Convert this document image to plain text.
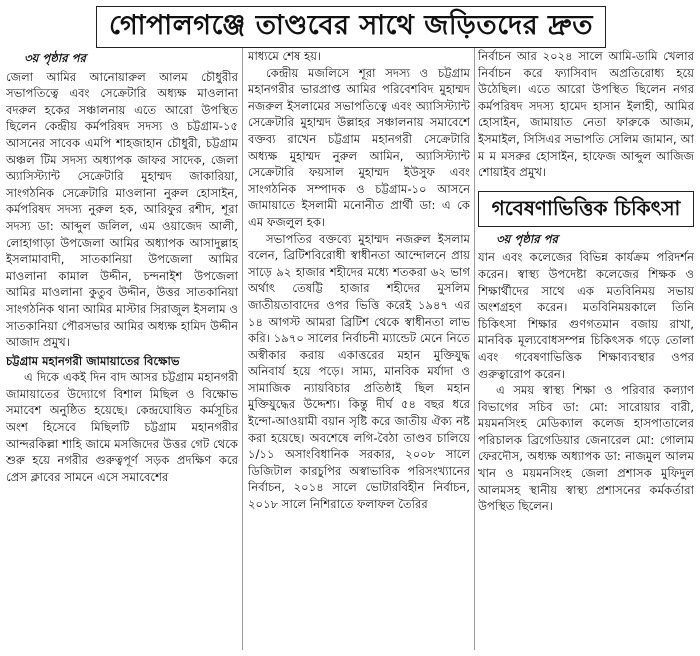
গোপালগঞ্জে তাণ্ডবের সাথে জড়িতদের দ্রুত
৩য় পৃষ্ঠার পর

জেলা আমির আনোয়ারুল আলম চৌধুরীর সভাপতিত্বে এবং সেক্রেটারি অধ্যক্ষ মাওলানা বদরুল হকের সঞ্চালনায় এতে আরো উপস্থিত ছিলেন কেন্দ্রীয় কর্মপরিষদ সদস্য ও চট্টগ্রাম-১৫ আসনের সাবেক এমপি শাহজাহান চৌধুরী, চট্টগ্রাম অঞ্চল টিম সদস্য অধ্যাপক জাফর সাদেক, জেলা অ্যাসিস্ট্যান্ট সেক্রেটারি মুহাম্মদ জাকারিয়া, সাংগঠনিক সেক্রেটারি মাওলানা নুরুল হোসাইন, কর্মপরিষদ সদস্য নুরুল হক, আরিফুর রশীদ, শূরা সদস্য ডা: আব্দুল জলিল, এম ওয়াজেদ আলী, লোহাগাড়া উপজেলা আমির অধ্যাপক আসাদুল্লাহ ইসলামাবাদী, সাতকানিয়া উপজেলা আমির মাওলানা কামাল উদ্দীন, চন্দনাইশ উপজেলা আমির মাওলানা কুতুব উদ্দীন, উত্তর সাতকানিয়া সাংগঠনিক থানা আমির মাস্টার সিরাজুল ইসলাম ও সাতকানিয়া পৌরসভার আমির অধ্যক্ষ হামিদ উদ্দীন আজাদ প্রমুখ।

চট্টগ্রাম মহানগরী জামায়াতের বিক্ষোভ

এ দিকে একই দিন বাদ আসর চট্টগ্রাম মহানগরী জামায়াতের উদ্যোগে বিশাল মিছিল ও বিক্ষোভ সমাবেশ অনুষ্ঠিত হয়েছে। কেন্দ্রঘোষিত কর্মসূচির অংশ হিসেবে মিছিলটি চট্টগ্রাম মহানগরীর আন্দরকিল্লা শাহি জামে মসজিদের উত্তর গেট থেকে শুরু হয়ে নগরীর গুরুত্বপূর্ণ সড়ক প্রদক্ষিণ করে প্রেস ক্লাবের সামনে এসে সমাবেশের

মাধ্যমে শেষ হয়।

কেন্দ্রীয় মজলিসে শূরা সদস্য ও চট্টগ্রাম মহানগরীর ভারপ্রাপ্ত আমির পরিবেশবিদ মুহাম্মদ নজরুল ইসলামের সভাপতিত্বে এবং অ্যাসিস্ট্যান্ট সেক্রেটারি মুহাম্মদ উল্লাহর সঞ্চালনায় সমাবেশে বক্তব্য রাখেন চট্টগ্রাম মহানগরী সেক্রেটারি অধ্যক্ষ মুহাম্মদ নুরুল আমিন, অ্যাসিস্ট্যান্ট সেক্রেটারি ফয়সাল মুহাম্মদ ইউসুফ এবং সাংগঠনিক সম্পাদক ও চট্টগ্রাম-১০ আসনে জামায়াতে ইসলামী মনোনীত প্রার্থী ডা: এ কে এম ফজলুল হক।

সভাপতির বক্তব্যে মুহাম্মদ নজরুল ইসলাম বলেন, ব্রিটিশবিরোধী স্বাধীনতা আন্দোলনে প্রায় সাড়ে ৯২ হাজার শহীদের মধ্যে শতকরা ৬২ ভাগ অর্থাৎ তেষট্টি হাজার শহীদের মুসলিম জাতীয়তাবাদের ওপর ভিত্তি করেই ১৯৪৭ এর ১৪ আগস্ট আমরা ব্রিটিশ থেকে স্বাধীনতা লাভ করি। ১৯৭০ সালের নির্বাচনী ম্যান্ডেট মেনে নিতে অস্বীকার করায় একাত্তরের মহান মুক্তিযুদ্ধ অনিবার্য হয়ে পড়ে। সাম্য, মানবিক মর্যাদা ও সামাজিক ন্যায়বিচার প্রতিষ্ঠাই ছিল মহান মুক্তিযুদ্ধের উদ্দেশ্য। কিন্তু দীর্ঘ ৫৪ বছর ধরে ইন্দো-আওয়ামী বয়ান সৃষ্টি করে জাতীয় ঐক্য নষ্ট করা হয়েছে। অবশেষে লগি-বৈঠা তাণ্ডব চালিয়ে ১/১১ অসাংবিধানিক সরকার, ২০০৮ সালে ডিজিটাল কারচুপির অস্বাভাবিক পরিসংখ্যানের নির্বাচন, ২০১৪ সালে ভোটারবিহীন নির্বাচন, ২০১৮ সালে নিশিরাতে ফলাফল তৈরির

নির্বাচন আর ২০২৪ সালে আমি-ডামি খেলার নির্বাচন করে ফ্যাসিবাদ অপ্রতিরোধ্য হয়ে উঠেছিল। এতে আরো উপস্থিত ছিলেন নগর কর্মপরিষদ সদস্য হামেদ হাসান ইলাহী, আমির হোসাইন, জামায়াত নেতা ফারুকে আজম, ইসমাইল, সিসিএর সভাপতি সেলিম জামান, আ ম ম মসরুর হোসাইন, হাফেজ আব্দুল আজিজ শোয়াইব প্রমুখ।

গবেষণাভিত্তিক চিকিৎসা
৩য় পৃষ্ঠার পর

যান এবং কলেজের বিভিন্ন কার্যক্রম পরিদর্শন করেন। স্বাস্থ্য উপদেষ্টা কলেজের শিক্ষক ও শিক্ষার্থীদের সাথে এক মতবিনিময় সভায় অংশগ্রহণ করেন। মতবিনিময়কালে তিনি চিকিৎসা শিক্ষার গুণগতমান বজায় রাখা, মানবিক মূল্যবোধসম্পন্ন চিকিৎসক গড়ে তোলা এবং গবেষণাভিত্তিক শিক্ষাব্যবস্থার ওপর গুরুত্বারোপ করেন।

এ সময় স্বাস্থ্য শিক্ষা ও পরিবার কল্যাণ বিভাগের সচিব ডা: মো: সারোয়ার বারী, ময়মনসিংহ মেডিক্যাল কলেজ হাসপাতালের পরিচালক ব্রিগেডিয়ার জেনারেল মো: গোলাম ফেরদৌস, অধ্যক্ষ অধ্যাপক ডা: নাজমুল আলম খান ও ময়মনসিংহ জেলা প্রশাসক মুফিদুল আলমসহ স্থানীয় স্বাস্থ্য প্রশাসনের কর্মকর্তারা উপস্থিত ছিলেন।
